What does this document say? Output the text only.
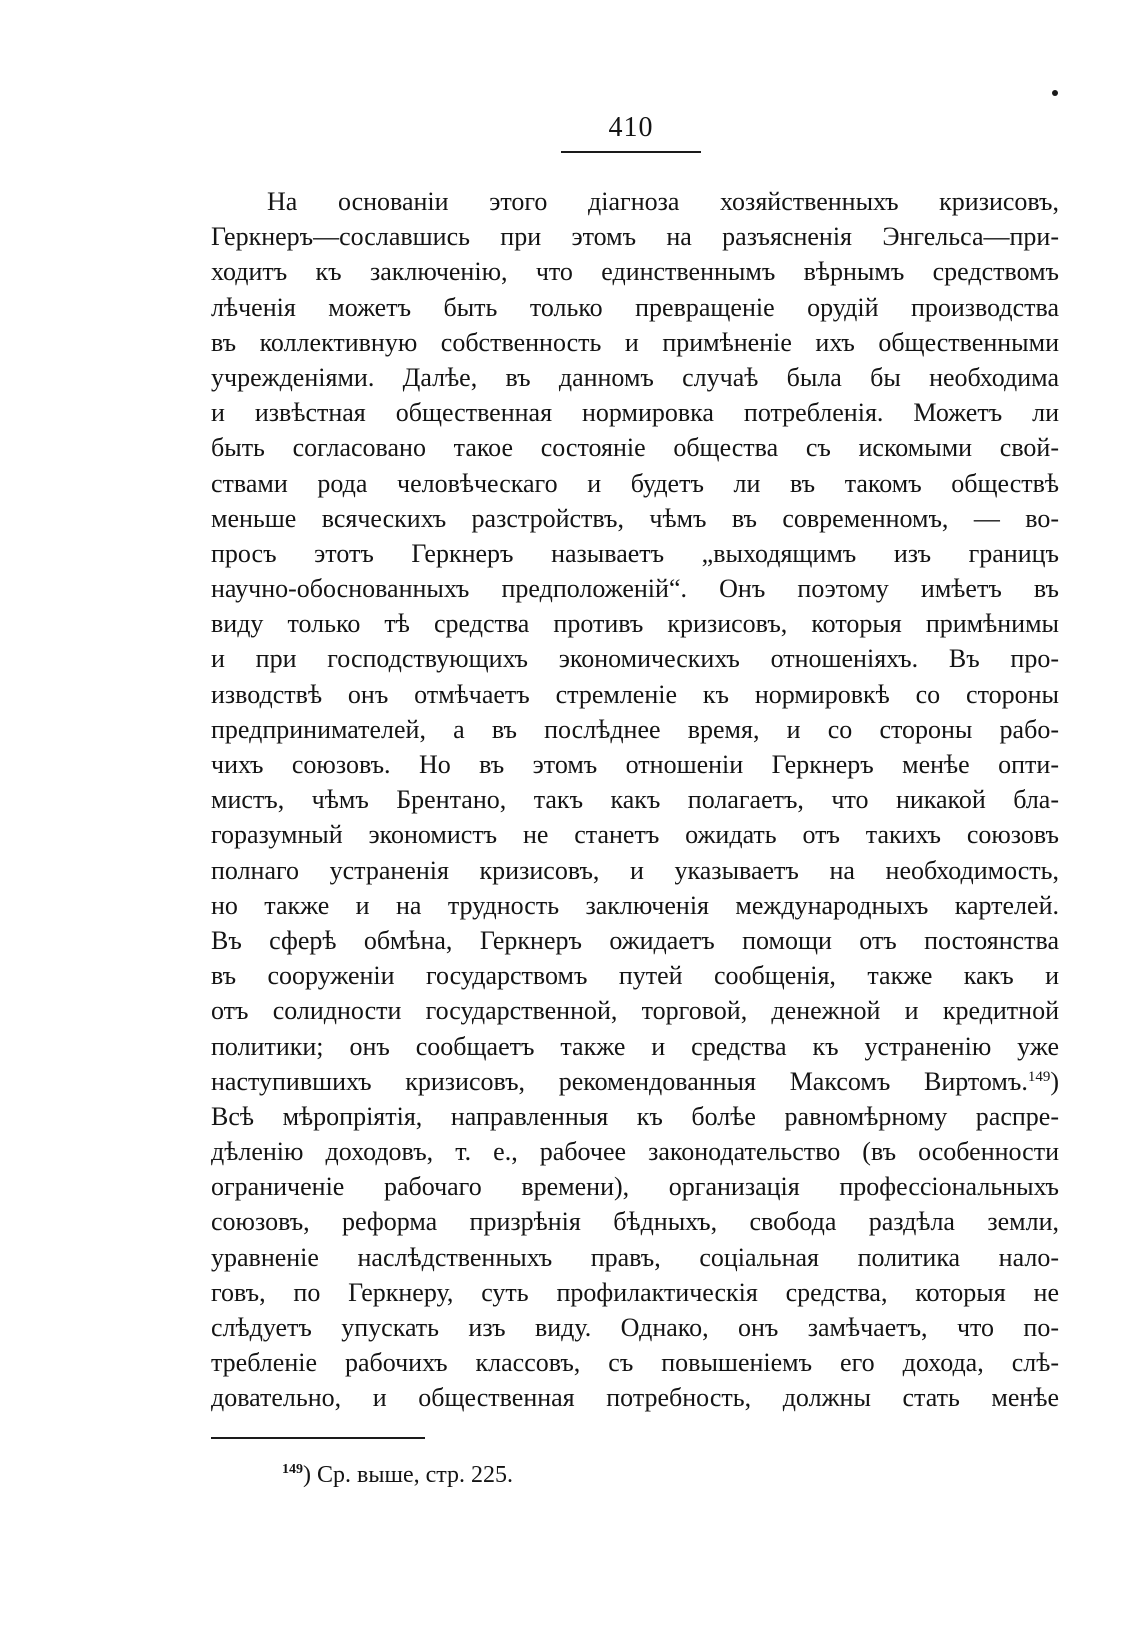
410
На основаніи этого діагноза хозяйственныхъ кризисовъ,
Геркнеръ—сославшись при этомъ на разъясненія Энгельса—при-
ходитъ къ заключенію, что единственнымъ вѣрнымъ средствомъ
лѣченія можетъ быть только превращеніе орудій производства
въ коллективную собственность и примѣненіе ихъ общественными
учрежденіями. Далѣе, въ данномъ случаѣ была бы необходима
и извѣстная общественная нормировка потребленія. Можетъ ли
быть согласовано такое состояніе общества съ искомыми свой-
ствами рода человѣческаго и будетъ ли въ такомъ обществѣ
меньше всяческихъ разстройствъ, чѣмъ въ современномъ, — во-
просъ этотъ Геркнеръ называетъ „выходящимъ изъ границъ
научно-обоснованныхъ предположеній“. Онъ поэтому имѣетъ въ
виду только тѣ средства противъ кризисовъ, которыя примѣнимы
и при господствующихъ экономическихъ отношеніяхъ. Въ про-
изводствѣ онъ отмѣчаетъ стремленіе къ нормировкѣ со стороны
предпринимателей, а въ послѣднее время, и со стороны рабо-
чихъ союзовъ. Но въ этомъ отношеніи Геркнеръ менѣе опти-
мистъ, чѣмъ Брентано, такъ какъ полагаетъ, что никакой бла-
горазумный экономистъ не станетъ ожидать отъ такихъ союзовъ
полнаго устраненія кризисовъ, и указываетъ на необходимость,
но также и на трудность заключенія международныхъ картелей.
Въ сферѣ обмѣна, Геркнеръ ожидаетъ помощи отъ постоянства
въ сооруженіи государствомъ путей сообщенія, также какъ и
отъ солидности государственной, торговой, денежной и кредитной
политики; онъ сообщаетъ также и средства къ устраненію уже
наступившихъ кризисовъ, рекомендованныя Максомъ Виртомъ.$^{149}$)
Всѣ мѣропріятія, направленныя къ болѣе равномѣрному распре-
дѣленію доходовъ, т. е., рабочее законодательство (въ особенности
ограниченіе рабочаго времени), организація профессіональныхъ
союзовъ, реформа призрѣнія бѣдныхъ, свобода раздѣла земли,
уравненіе наслѣдственныхъ правъ, соціальная политика нало-
говъ, по Геркнеру, суть профилактическія средства, которыя не
слѣдуетъ упускать изъ виду. Однако, онъ замѣчаетъ, что по-
требленіе рабочихъ классовъ, съ повышеніемъ его дохода, слѣ-
довательно, и общественная потребность, должны стать менѣе
$^{149}$) Ср. выше, стр. 225.
